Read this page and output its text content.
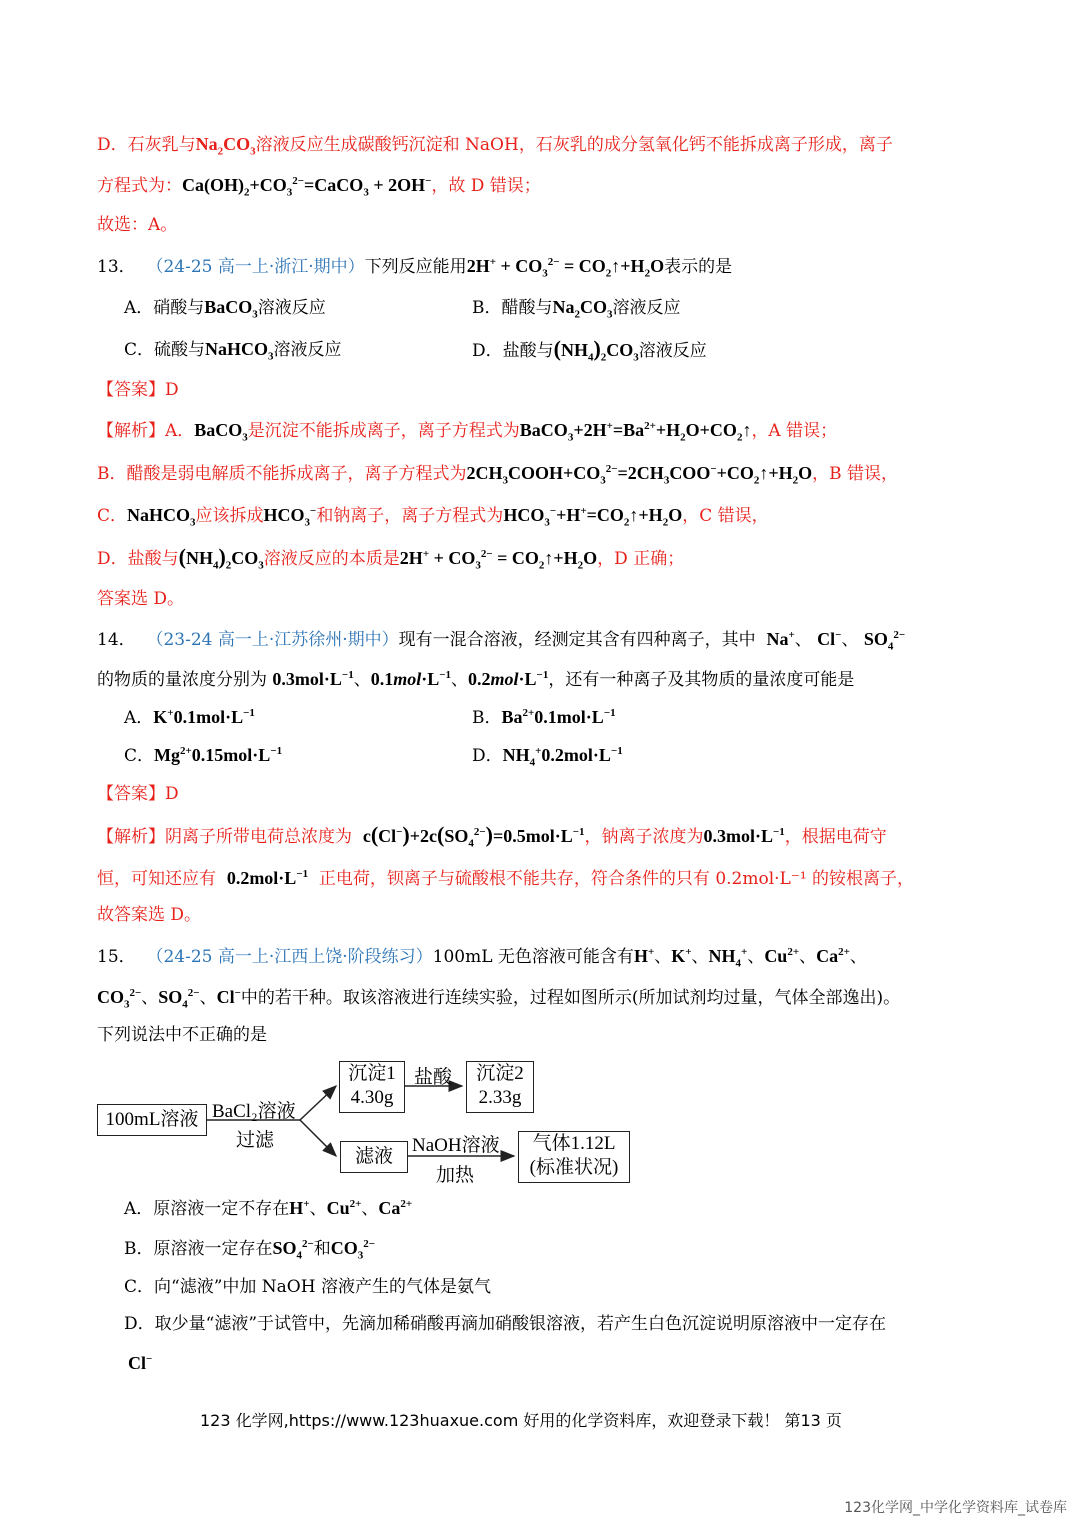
D．石灰乳与$Na_2CO_3$溶液反应生成碳酸钙沉淀和 NaOH，石灰乳的成分氢氧化钙不能拆成离子形成，离子
方程式为：$Ca(OH)_2+CO_3^{2-}=CaCO_3 + 2OH^-$，故 D 错误；
故选：A。
13． （24-25 高一上·浙江·期中）下列反应能用$2H^+ + CO_3^{2-}$ = $CO_2↑+H_2O$表示的是
A．硝酸与BaCO$_3$溶液反应	B．醋酸与$Na_2CO_3$溶液反应
C．硫酸与NaHCO$_3$溶液反应	D．盐酸与$(NH_4)_2CO_3$溶液反应
【答案】D
【解析】A．BaCO$_3$是沉淀不能拆成离子，离子方程式为$BaCO_3+2H^+=Ba^{2+}+H_2O+CO_2↑$，A 错误；
B．醋酸是弱电解质不能拆成离子，离子方程式为$2CH_3COOH+CO_3^{2-}=2CH_3COO^-+CO_2↑+H_2O$，B 错误，
C．NaHCO$_3$应该拆成$HCO_3^-$和钠离子，离子方程式为$HCO_3^-+H^+=CO_2↑+H_2O$，C 错误，
D．盐酸与$(NH_4)_2CO_3$溶液反应的本质是$2H^+ + CO_3^{2-}$ = $CO_2↑+H_2O$，D 正确；
答案选 D。
14． （23-24 高一上·江苏徐州·期中）现有一混合溶液，经测定其含有四种离子，其中 Na+、 Cl−、 $SO_4^{2-}$
的物质的量浓度分别为 $0.3mol\cdot L^{-1}$、$0.1mol\cdot L^{-1}$、$0.2mol\cdot L^{-1}$，还有一种离子及其物质的量浓度可能是
A．$K^+0.1mol\cdot L^{-1}$	B．$Ba^{2+}0.1mol\cdot L^{-1}$
C．$Mg^{2+}0.15mol\cdot L^{-1}$	D．$NH_4^+0.2mol\cdot L^{-1}$
【答案】D
【解析】阴离子所带电荷总浓度为 $c(Cl^-)+2c(SO_4^{2-})=0.5mol\cdot L^{-1}$，钠离子浓度为$0.3mol\cdot L^{-1}$，根据电荷守
恒，可知还应有 $0.2mol\cdot L^{-1}$ 正电荷，钡离子与硫酸根不能共存，符合条件的只有 0.2mol·L⁻¹ 的铵根离子，
故答案选 D。
15． （24-25 高一上·江西上饶·阶段练习）100mL 无色溶液可能含有H+、K+、$NH_4^+$、$Cu^{2+}$、$Ca^{2+}$、
$CO_3^{2-}$、$SO_4^{2-}$、Cl−中的若干种。取该溶液进行连续实验，过程如图所示(所加试剂均过量，气体全部逸出)。
下列说法中不正确的是
100mL溶液 BaCl₂溶液
过滤
沉淀1
4.30g
盐酸	沉淀2
2.33g
滤液
NaOH溶液
加热
气体1.12L
(标准状况)
A．原溶液一定不存在H+、$Cu^{2+}$、$Ca^{2+}$
B．原溶液一定存在$SO_4^{2-}$和$CO_3^{2-}$
C．向“滤液”中加 NaOH 溶液产生的气体是氨气
D．取少量“滤液”于试管中，先滴加稀硝酸再滴加硝酸银溶液，若产生白色沉淀说明原溶液中一定存在
Cl−
123 化学网,https://www.123huaxue.com 好用的化学资料库，欢迎登录下载！ 第13 页
123化学网_中学化学资料库_试卷库
